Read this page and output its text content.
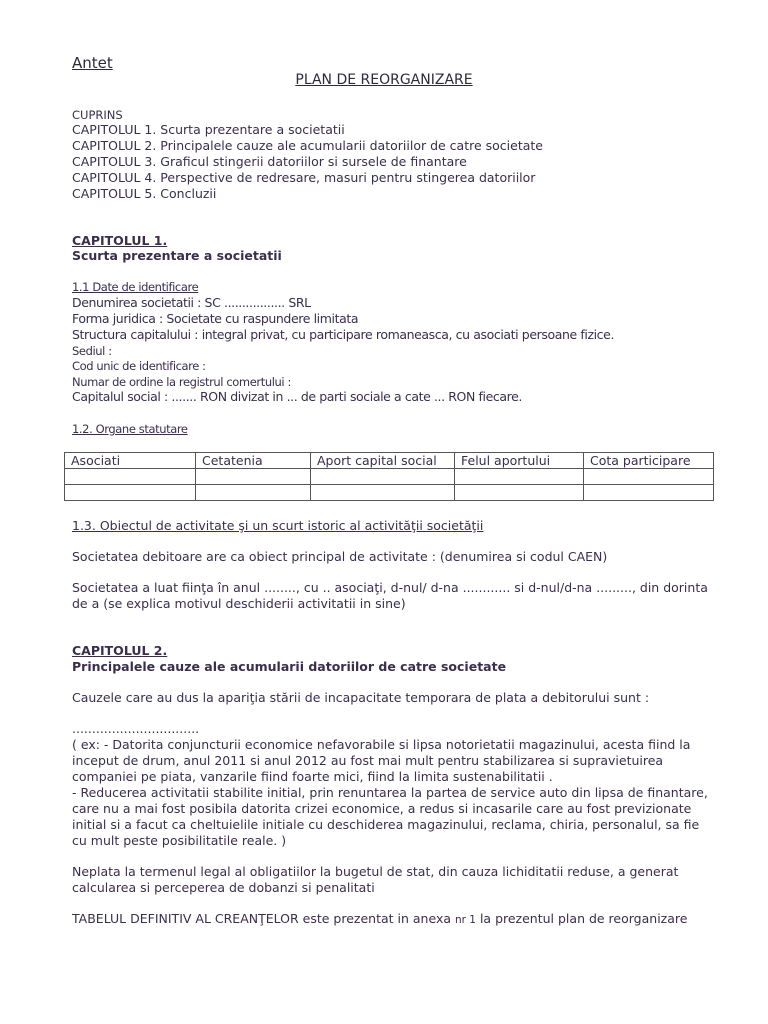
Antet
PLAN DE REORGANIZARE
CUPRINS
CAPITOLUL 1. Scurta prezentare a societatii
CAPITOLUL 2. Principalele cauze ale acumularii datoriilor de catre societate
CAPITOLUL 3. Graficul stingerii datoriilor si sursele de finantare
CAPITOLUL 4. Perspective de redresare, masuri pentru stingerea datoriilor
CAPITOLUL 5. Concluzii
CAPITOLUL 1.
Scurta prezentare a societatii
1.1 Date de identificare
Denumirea societatii : SC ................. SRL
Forma juridica : Societate cu raspundere limitata
Structura capitalului : integral privat, cu participare romaneasca, cu asociati persoane fizice.
Sediul :
Cod unic de identificare :
Numar de ordine la registrul comertului :
Capitalul social : ....... RON divizat in ... de parti sociale a cate ... RON fiecare.
1.2. Organe statutare
Asociati	Cetatenia	Aport capital social	Felul aportului	Cota participare

1.3. Obiectul de activitate şi un scurt istoric al activităţii societăţii
Societatea debitoare are ca obiect principal de activitate : (denumirea si codul CAEN)
Societatea a luat fiinţa în anul ........, cu .. asociaţi, d-nul/ d-na ............ si d-nul/d-na ........., din dorinta de a (se explica motivul deschiderii activitatii in sine)
CAPITOLUL 2.
Principalele cauze ale acumularii datoriilor de catre societate
Cauzele care au dus la apariţia stării de incapacitate temporara de plata a debitorului sunt :
................................
( ex: - Datorita conjuncturii economice nefavorabile si lipsa notorietatii magazinului, acesta fiind la inceput de drum, anul 2011 si anul 2012 au fost mai mult pentru stabilizarea si supravietuirea companiei pe piata, vanzarile fiind foarte mici, fiind la limita sustenabilitatii .
- Reducerea activitatii stabilite initial, prin renuntarea la partea de service auto din lipsa de finantare, care nu a mai fost posibila datorita crizei economice, a redus si incasarile care au fost previzionate initial si a facut ca cheltuielile initiale cu deschiderea magazinului, reclama, chiria, personalul, sa fie cu mult peste posibilitatile reale. )
Neplata la termenul legal al obligatiilor la bugetul de stat, din cauza lichiditatii reduse, a generat calcularea si perceperea de dobanzi si penalitati
TABELUL DEFINITIV AL CREANŢELOR este prezentat in anexa nr 1 la prezentul plan de reorganizare
